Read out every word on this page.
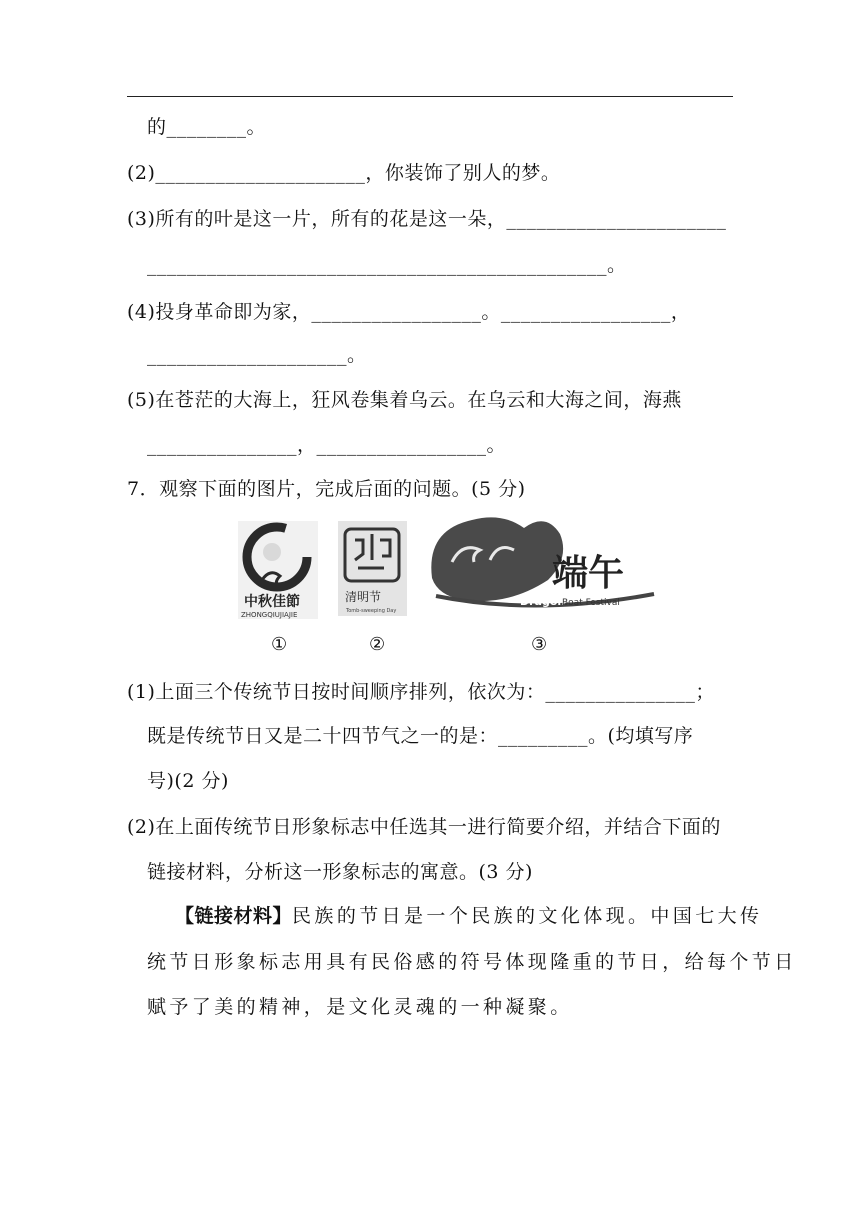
的________。
(2)_____________________，你装饰了别人的梦。
(3)所有的叶是这一片，所有的花是这一朵，______________________
______________________________________________。
(4)投身革命即为家，_________________。_________________，
____________________。
(5)在苍茫的大海上，狂风卷集着乌云。在乌云和大海之间，海燕
_______________，_________________。
7．观察下面的图片，完成后面的问题。(5 分)
中秋佳節
ZHONGQIUJIAJIE
清明节
Tomb-sweeping Day
端午
Dragon
Boat Festival
①	②	③
(1)上面三个传统节日按时间顺序排列，依次为：_______________；
既是传统节日又是二十四节气之一的是：_________。(均填写序
号)(2 分)
(2)在上面传统节日形象标志中任选其一进行简要介绍，并结合下面的
链接材料，分析这一形象标志的寓意。(3 分)
【链接材料】民族的节日是一个民族的文化体现。中国七大传
统节日形象标志用具有民俗感的符号体现隆重的节日，给每个节日
赋予了美的精神，是文化灵魂的一种凝聚。
